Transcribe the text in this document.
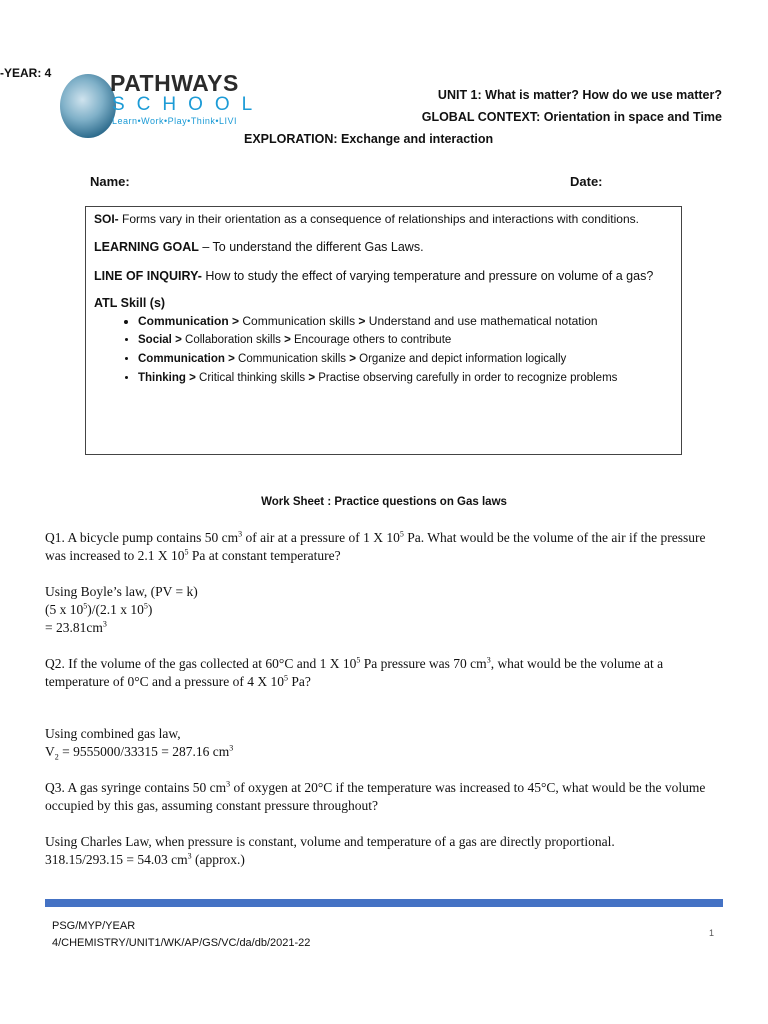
-YEAR: 4	PATHWAYS
SCHOOL
Learn•Work•Play•Think•LIVI
UNIT 1: What is matter? How do we use matter?
GLOBAL CONTEXT: Orientation in space and Time
EXPLORATION: Exchange and interaction
Name:	Date:

SOI- Forms vary in their orientation as a consequence of relationships and interactions with conditions.

LEARNING GOAL – To understand the different Gas Laws.

LINE OF INQUIRY- How to study the effect of varying temperature and pressure on volume of a gas?

ATL Skill (s)
• Communication > Communication skills > Understand and use mathematical notation
• Social > Collaboration skills > Encourage others to contribute
• Communication > Communication skills > Organize and depict information logically
• Thinking > Critical thinking skills > Practise observing carefully in order to recognize problems
Work Sheet : Practice questions on Gas laws

Q1. A bicycle pump contains 50 $cm^3$ of air at a pressure of 1 X $10^5$ Pa. What would be the volume of the air if the pressure was increased to 2.1 X $10^5$ Pa at constant temperature?

Using Boyle’s law, (PV = k)

(5 x $10^5)/(2.1$ x $10^5$)

= $23.81cm^3$

Q2. If the volume of the gas collected at 60°C and 1 X $10^5$ Pa pressure was 70 $cm^3$, what would be the volume at a temperature of 0°C and a pressure of 4 X $10^5$ Pa?

Using combined gas law,

$V_2 = 9555000/33315 = 287.16$ $cm^3$

Q3. A gas syringe contains 50 $cm^3$ of oxygen at 20°C if the temperature was increased to 45°C, what would be the volume occupied by this gas, assuming constant pressure throughout?

Using Charles Law, when pressure is constant, volume and temperature of a gas are directly proportional.

318.15/293.15 = 54.03 $cm^3$ (approx.)

PSG/MYP/YEAR
4/CHEMISTRY/UNIT1/WK/AP/GS/VC/da/db/2021-22
1
